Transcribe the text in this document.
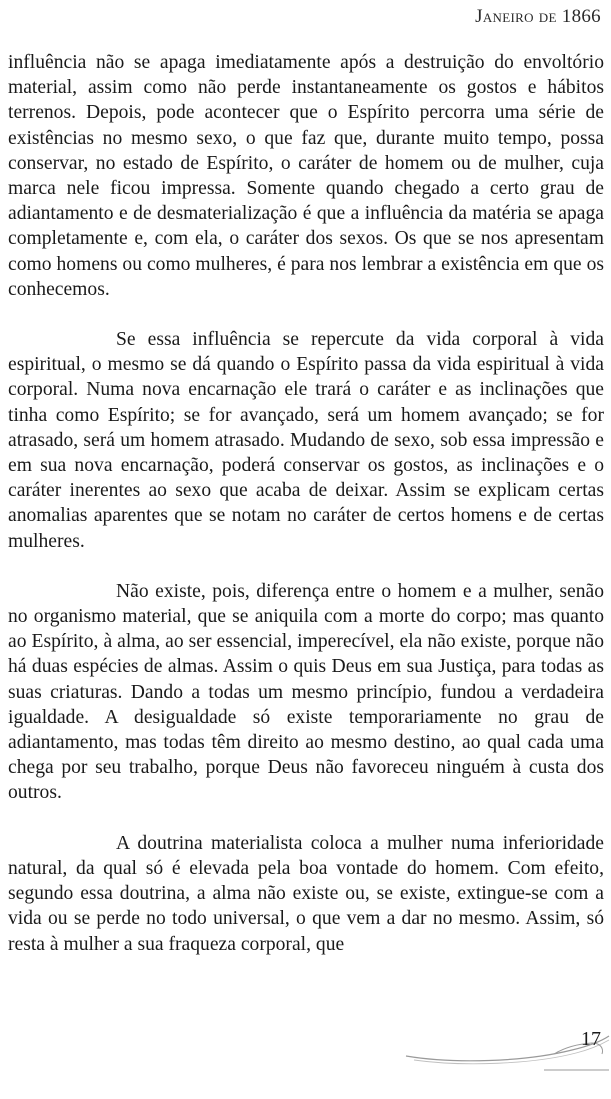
Janeiro de 1866

influência não se apaga imediatamente após a destruição do envoltório material, assim como não perde instantaneamente os gostos e hábitos terrenos. Depois, pode acontecer que o Espírito percorra uma série de existências no mesmo sexo, o que faz que, durante muito tempo, possa conservar, no estado de Espírito, o caráter de homem ou de mulher, cuja marca nele ficou impressa. Somente quando chegado a certo grau de adiantamento e de desmaterialização é que a influência da matéria se apaga completamente e, com ela, o caráter dos sexos. Os que se nos apresentam como homens ou como mulheres, é para nos lembrar a existência em que os conhecemos.

Se essa influência se repercute da vida corporal à vida espiritual, o mesmo se dá quando o Espírito passa da vida espiritual à vida corporal. Numa nova encarnação ele trará o caráter e as inclinações que tinha como Espírito; se for avançado, será um homem avançado; se for atrasado, será um homem atrasado. Mudando de sexo, sob essa impressão e em sua nova encarnação, poderá conservar os gostos, as inclinações e o caráter inerentes ao sexo que acaba de deixar. Assim se explicam certas anomalias aparentes que se notam no caráter de certos homens e de certas mulheres.

Não existe, pois, diferença entre o homem e a mulher, senão no organismo material, que se aniquila com a morte do corpo; mas quanto ao Espírito, à alma, ao ser essencial, imperecível, ela não existe, porque não há duas espécies de almas. Assim o quis Deus em sua Justiça, para todas as suas criaturas. Dando a todas um mesmo princípio, fundou a verdadeira igualdade. A desigualdade só existe temporariamente no grau de adiantamento, mas todas têm direito ao mesmo destino, ao qual cada uma chega por seu trabalho, porque Deus não favoreceu ninguém à custa dos outros.

A doutrina materialista coloca a mulher numa inferioridade natural, da qual só é elevada pela boa vontade do homem. Com efeito, segundo essa doutrina, a alma não existe ou, se existe, extingue-se com a vida ou se perde no todo universal, o que vem a dar no mesmo. Assim, só resta à mulher a sua fraqueza corporal, que

17
